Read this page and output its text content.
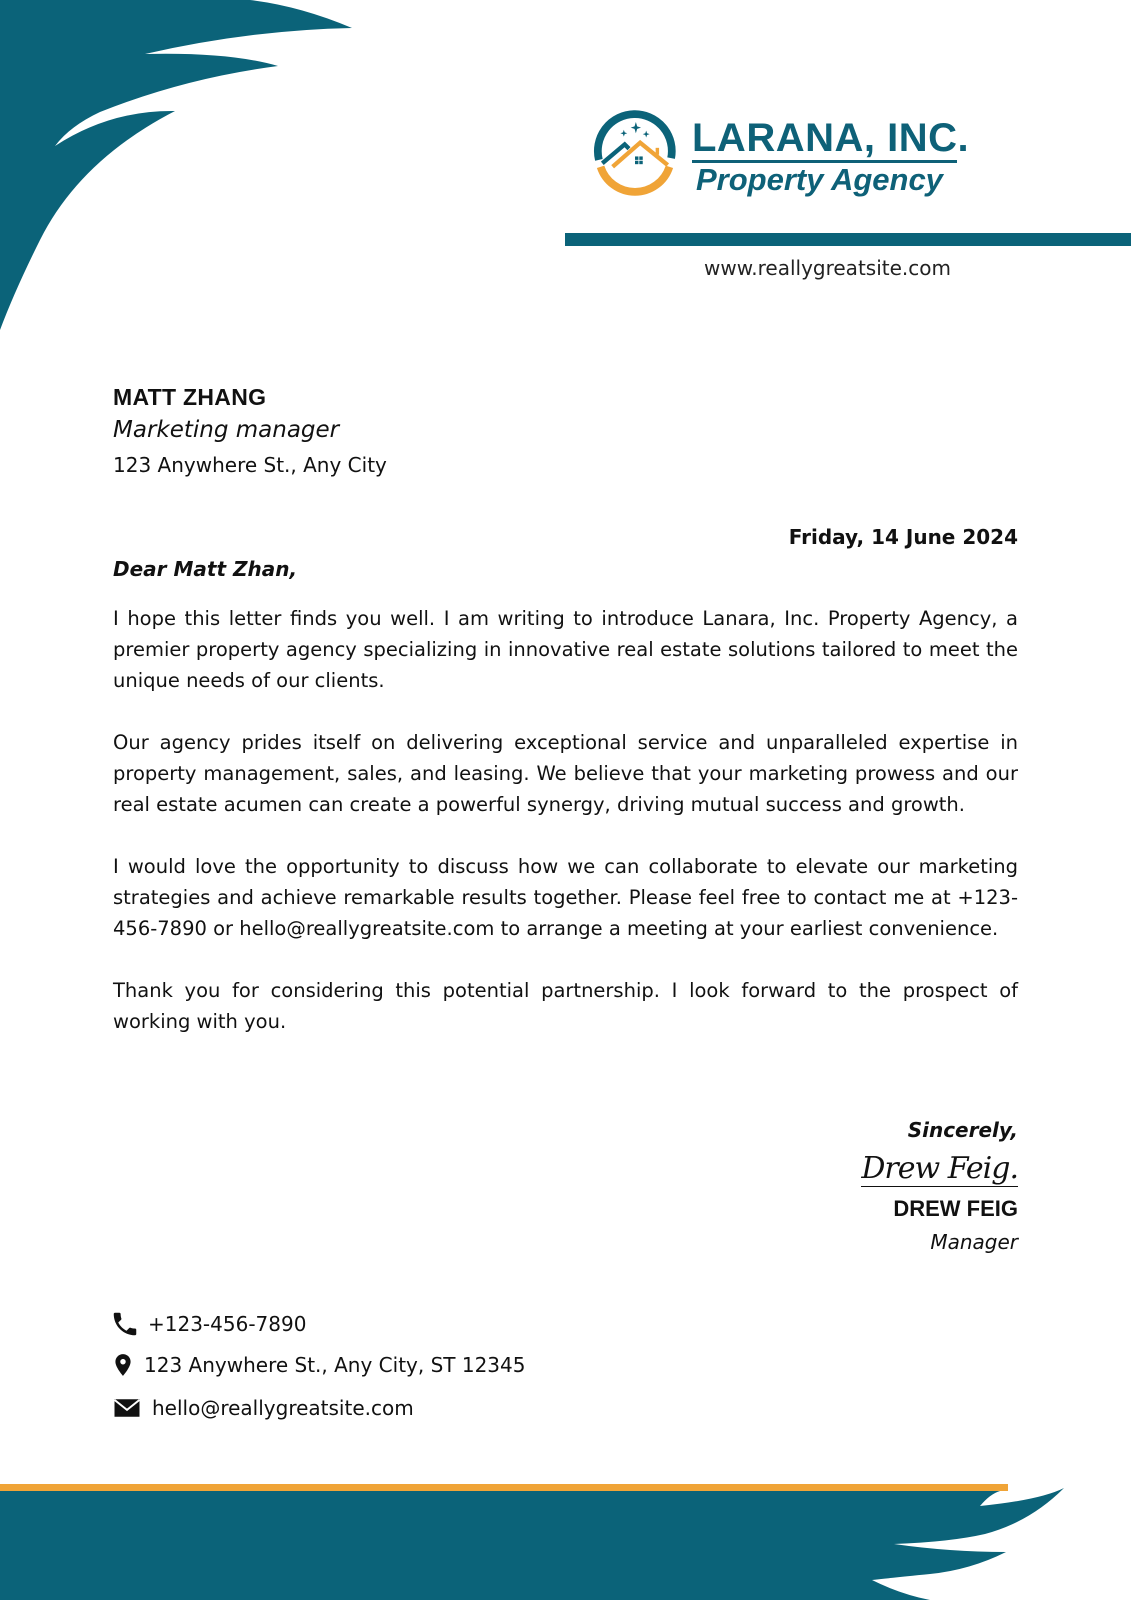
LARANA, INC.
Property Agency
www.reallygreatsite.com
MATT ZHANG
Marketing manager
123 Anywhere St., Any City
Friday, 14 June 2024
Dear Matt Zhan,

I hope this letter finds you well. I am writing to introduce Lanara, Inc. Property Agency, a premier property agency specializing in innovative real estate solutions tailored to meet the unique needs of our clients.

Our agency prides itself on delivering exceptional service and unparalleled expertise in property management, sales, and leasing. We believe that your marketing prowess and our real estate acumen can create a powerful synergy, driving mutual success and growth.

I would love the opportunity to discuss how we can collaborate to elevate our marketing strategies and achieve remarkable results together. Please feel free to contact me at +123-456-7890 or hello@reallygreatsite.com to arrange a meeting at your earliest convenience.

Thank you for considering this potential partnership. I look forward to the prospect of working with you.

Sincerely,
Drew Feig.
DREW FEIG
Manager
+123-456-7890
123 Anywhere St., Any City, ST 12345
hello@reallygreatsite.com
